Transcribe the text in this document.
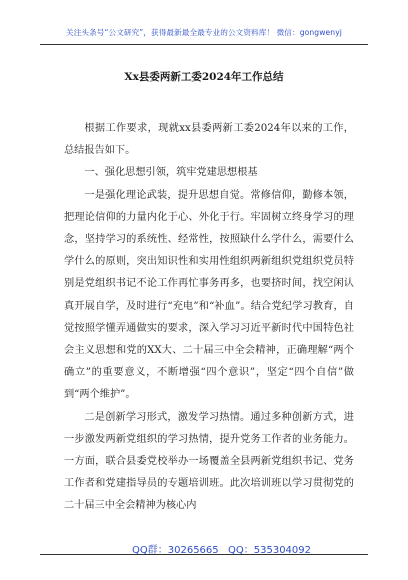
关注头条号“公文研究”，获得最新最全最专业的公文资料库！ 微信：gongwenyj
Xx县委两新工委2024年工作总结

根据工作要求，现就xx县委两新工委2024年以来的工作，总结报告如下。

一、强化思想引领，筑牢党建思想根基

一是强化理论武装，提升思想自觉。常修信仰，勤修本领，把理论信仰的力量内化于心、外化于行。牢固树立终身学习的理念，坚持学习的系统性、经常性，按照缺什么学什么，需要什么学什么的原则，突出知识性和实用性组织两新组织党组织党员特别是党组织书记不论工作再忙事务再多，也要挤时间，找空闲认真开展自学，及时进行“充电”和“补血”。结合党纪学习教育，自觉按照学懂弄通做实的要求，深入学习习近平新时代中国特色社会主义思想和党的XX大、二十届三中全会精神，正确理解“两个确立”的重要意义，不断增强“四个意识”，坚定“四个自信”做到“两个维护”。

二是创新学习形式，激发学习热情。通过多种创新方式，进一步激发两新党组织的学习热情，提升党务工作者的业务能力。一方面，联合县委党校举办一场覆盖全县两新党组织书记、党务工作者和党建指导员的专题培训班。此次培训班以学习贯彻党的二十届三中全会精神为核心内

QQ群：30265665 QQ：535304092
